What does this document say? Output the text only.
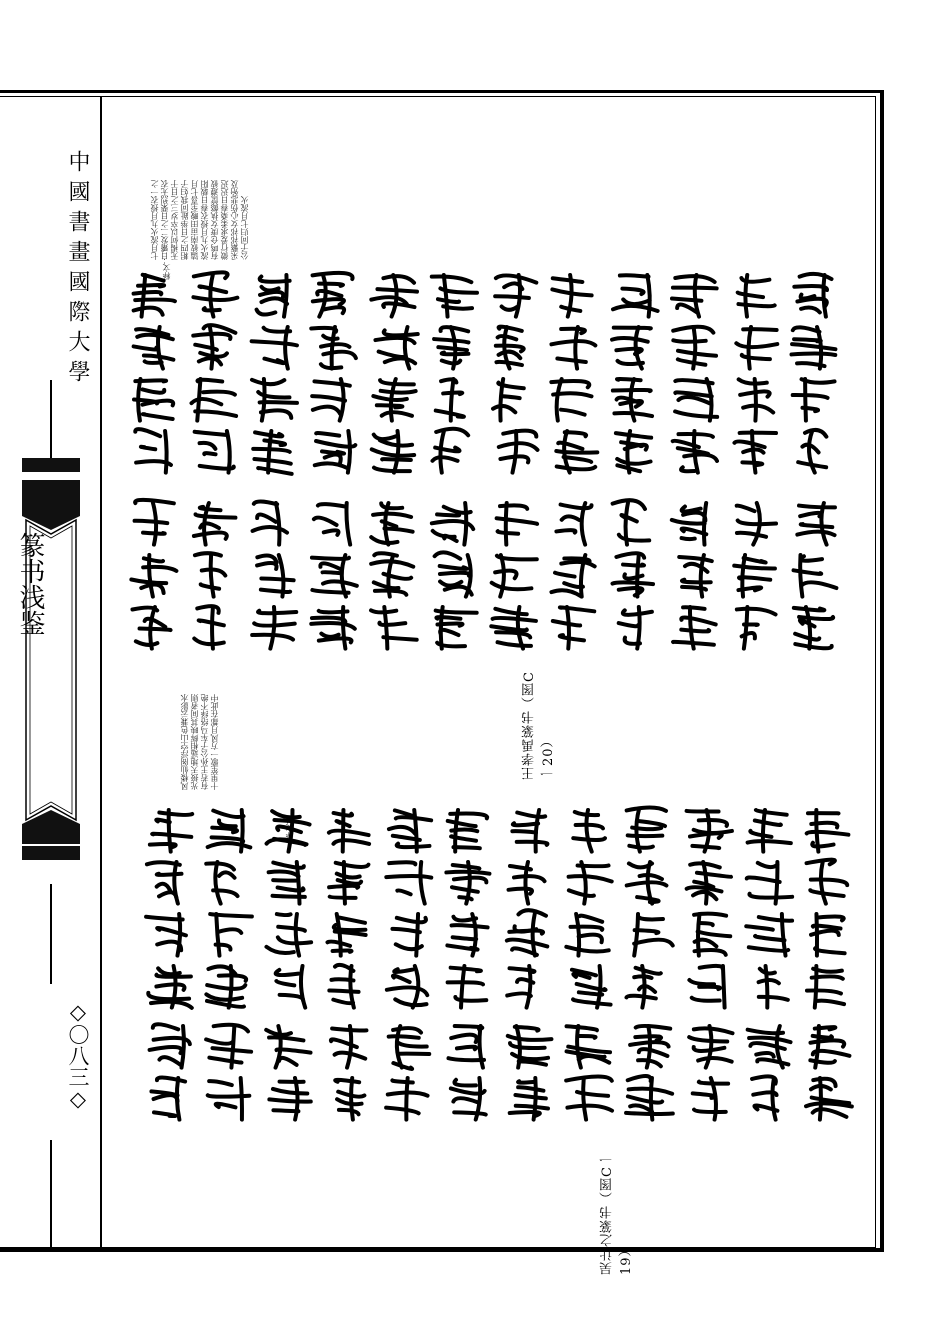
中國書畫國際大學
篆书浅鉴
◇〇八三◇
释文：
七月流火九月授衣一之日觱发二之日栗烈无衣无褐何以卒岁三之日于耜四之日举趾同我妇子馌彼南亩田畯至喜七月流火九月授衣春日载阳有鸣仓庚女执懿筐遵彼微行爰求柔桑春日迟迟采蘩祁祁女心伤悲殆及公子同归七月流火
王孝禹篆书（图C一20）
风楼仙阁浮空山色兼云影水光接天地遥相辉映其间者则有若王孙公子车马络绎不绝十里笙歌一方风月都在此中
释文：
吴让之篆书（图C一19）
